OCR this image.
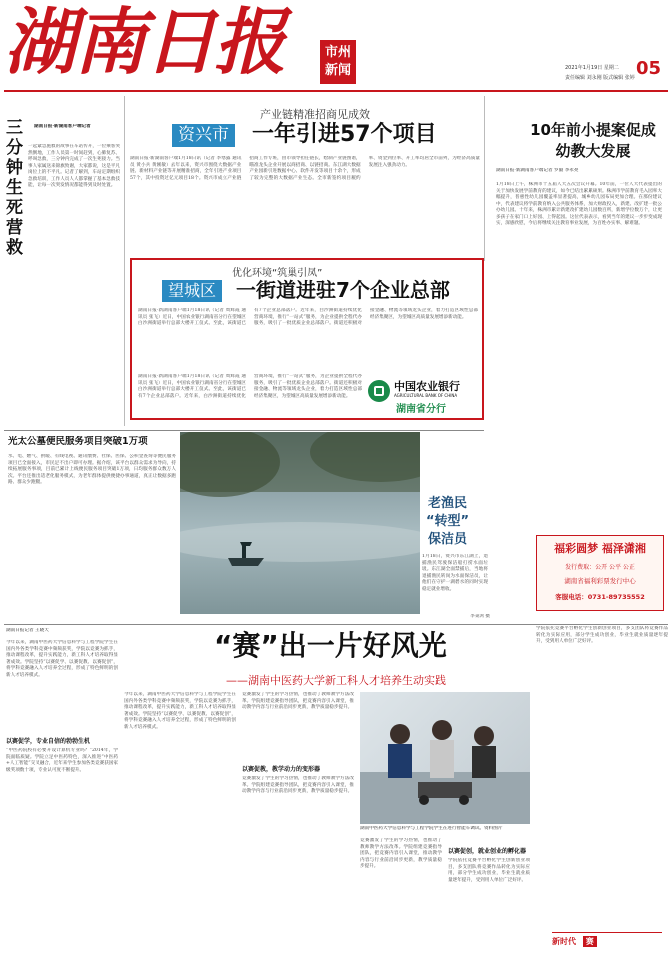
湖南日报	市州
新闻	2021年1月19日 星期二
责任编辑 刘永刚 版式编辑 张婷 05
三分钟生死营救
湖南日报·新湖南客户端记者
一起紧急施救的故事在车站传开，一位乘客突然倒地，工作人员第一时间赶到，心肺复苏、呼叫急救，三分钟内完成了一次生死接力。当事人家属送来锦旗致谢，大家都说，这是平凡岗位上的不平凡。记者了解到，车站定期组织急救培训，工作人员人人都掌握了基本急救技能，让每一次突发情况都能得到及时处置。
产业链精准招商见成效
资兴市 一年引进57个项目
湖南日报·新湖南客户端1月18日讯（记者 李寒露 通讯员 黄小兵 黄刚敏）去年以来，资兴市围绕大数据产业链、新材料产业链等开展精准招商，全年引进产业项目57个，其中投资过亿元项目18个。资兴市成立产业链招商工作专班，由市领导担任链长，绘制产业链图谱，瞄准龙头企业开展以商招商、以链招商。东江湖大数据产业园新引进数据中心、软件开发等项目十余个，形成了较为完整的大数据产业生态。全市新签约项目履约率、资金到位率、开工率均居全市前列，为经济高质量发展注入强劲动力。
10年前小提案促成幼教大发展
湖南日报·新湖南客户端记者 罗毅 李永亮
1月18日上午，株洲市十五届人大五次会议开幕。10年前，一位人大代表提出的关于加快发展学前教育的建议，如今已结出累累硕果。株洲市学前教育毛入园率大幅提升，普惠性幼儿园覆盖率显著提高，城乡幼儿园布局更加合理。在那份建议中，代表建议将学前教育纳入公共服务体系，加大财政投入，新建、改扩建一批公办幼儿园。十年来，株洲市累计新建改扩建幼儿园数百所，新增学位数万个，让更多孩子在家门口上好园、上得起园。这位代表表示，看到当年的建议一步步变成现实，深感欣慰，今后将继续关注教育事业发展，为百姓办实事、解难题。
优化环境“筑巢引凤”
望城区 一街道进驻7个企业总部
湖南日报·新湖南客户端1月18日讯（记者 周辉霞 通讯员 张飞）近日，中国农业银行湖南省分行在望城区白沙洲街道举行总部大楼开工仪式。至此，该街道已有7个企业总部落户。近年来，白沙洲街道持续优化营商环境，推行“一站式”服务，为企业提供全程代办服务，吸引了一批优质企业总部落户。街道还积极对接金融、物流等领域龙头企业，着力打造区域性总部经济集聚区，为望城区高质量发展增添新动能。
湖南日报·新湖南客户端1月18日讯（记者 周辉霞 通讯员 张飞）近日，中国农业银行湖南省分行在望城区白沙洲街道举行总部大楼开工仪式。至此，该街道已有7个企业总部落户。近年来，白沙洲街道持续优化营商环境，推行“一站式”服务，为企业提供全程代办服务，吸引了一批优质企业总部落户。街道还积极对接金融、物流等领域龙头企业，着力打造区域性总部经济集聚区，为望城区高质量发展增添新动能。
中国农业银行
AGRICULTURAL BANK OF CHINA
湖南省分行
光太公墓便民服务项目突破1万项
水、电、燃气、供暖、有线电视、通讯缴费、社保、医保、公积金查询等便民服务项目已全面接入，市民足不出户即可办理。据介绍，该平台以群众需求为导向，持续拓展服务事项，目前已累计上线便民服务项目突破1万项，日均服务群众数万人次。平台还推出适老化服务模式，为老年群体提供便捷办事通道，真正让数据多跑路、群众少跑腿。
老渔民
“转型”
保洁员
1月18日，资兴市东江湖上，退捕渔民驾驶保洁船打捞水面垃圾。东江湖全面禁捕后，当地将退捕渔民转岗为水面保洁员，让他们在守护一湖碧水的同时实现稳定就业增收。
李秉鸿 摄
福彩圆梦 福泽潇湘
发行费取：公开 公平 公正
湖南省福利彩票发行中心
客服电话：0731-89735552
湖南日报记者 王晓天	“赛”出一片好风光
——湖南中医药大学新工科人才培养生动实践
今年以来，湖南中医药大学信息科学与工程学院学生在国内外各类学科竞赛中频频获奖，学院以竞赛为抓手，推动课程改革，提升实践能力，新工科人才培养取得显著成效。学院坚持“以赛促学、以赛促教、以赛促创”，将学科竞赛融入人才培养全过程，形成了特色鲜明的创新人才培养模式。
以赛促学，专业自信的勃勃生机
“中医药院校有必要开设计算机专业吗？”2014年，学院面临质疑。学院立足中医药特色，深入推进“中医药+人工智能”交叉融合，近年来学生参加各类竞赛获国家级奖项数十项，专业认可度不断提升。
今年以来，湖南中医药大学信息科学与工程学院学生在国内外各类学科竞赛中频频获奖，学院以竞赛为抓手，推动课程改革，提升实践能力，新工科人才培养取得显著成效。学院坚持“以赛促学、以赛促教、以赛促创”，将学科竞赛融入人才培养全过程，形成了特色鲜明的创新人才培养模式。
竞赛激发了学生的学习热情，也推动了教师教学方法改革。学院组建竞赛指导团队，把竞赛内容引入课堂，推动教学内容与行业前沿同步更新，教学质量稳步提升。
湖南中医药大学信息科学与工程学院学生在进行智能车调试。资料图片
以赛促教，教学动力的变形器
竞赛激发了学生的学习热情，也推动了教师教学方法改革。学院组建竞赛指导团队，把竞赛内容引入课堂，推动教学内容与行业前沿同步更新，教学质量稳步提升。
竞赛激发了学生的学习热情，也推动了教师教学方法改革。学院组建竞赛指导团队，把竞赛内容引入课堂，推动教学内容与行业前沿同步更新，教学质量稳步提升。
以赛促创，就业创业的孵化器
学院依托竞赛平台孵化学生创新创业项目，多支团队将竞赛作品转化为实际应用，部分学生成功创业，毕业生就业质量逐年提升，受到用人单位广泛好评。
学院依托竞赛平台孵化学生创新创业项目，多支团队将竞赛作品转化为实际应用，部分学生成功创业，毕业生就业质量逐年提升，受到用人单位广泛好评。
新时代 赛
